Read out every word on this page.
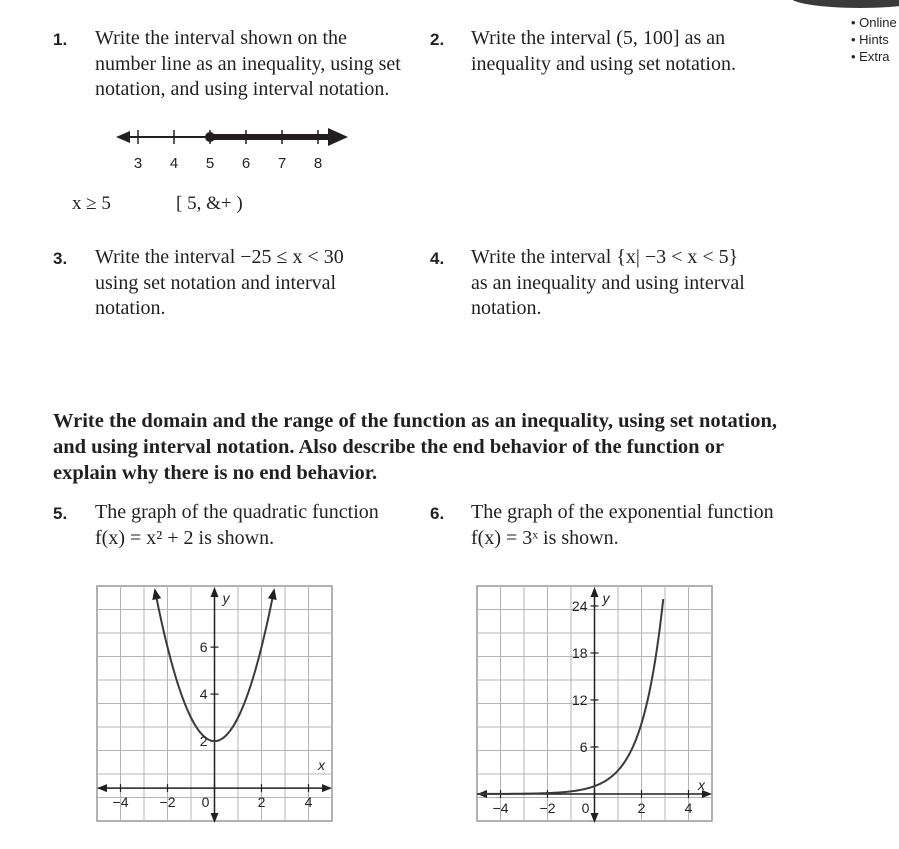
• Online
• Hints
• Extra
1. Write the interval shown on the
number line as an inequality, using set
notation, and using interval notation.
3 4 5 6 7 8
x ≥ 5	[ 5, &+ )
2. Write the interval (5, 100] as an
inequality and using set notation.
3. Write the interval −25 ≤ x < 30
using set notation and interval
notation.
4. Write the interval {x| −3 < x < 5}
as an inequality and using interval
notation.
Write the domain and the range of the function as an inequality, using set notation,
and using interval notation. Also describe the end behavior of the function or
explain why there is no end behavior.
5. The graph of the quadratic function
f(x) = x² + 2 is shown.
6. The graph of the exponential function
f(x) = 3ˣ is shown.
−4 −2 0	2	4
2
4
6
x
y
−4 −2 0	2	4
6
12
18
24
x
y
